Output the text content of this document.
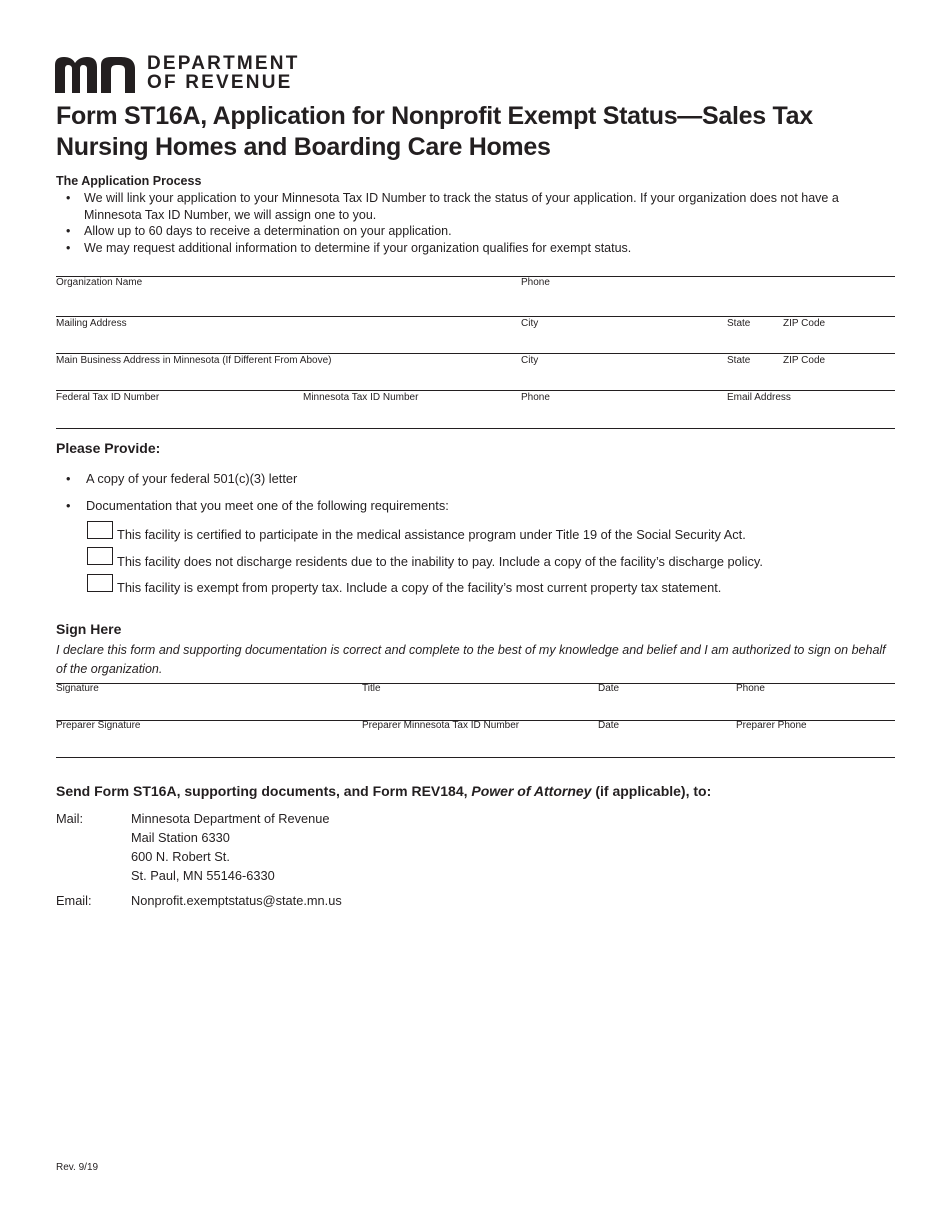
DEPARTMENT
OF REVENUE
Form ST16A, Application for Nonprofit Exempt Status—Sales Tax
Nursing Homes and Boarding Care Homes
The Application Process
• We will link your application to your Minnesota Tax ID Number to track the status of your application. If your organization does not have a Minnesota Tax ID Number, we will assign one to you.
• Allow up to 60 days to receive a determination on your application.
• We may request additional information to determine if your organization qualifies for exempt status.
Organization Name	Phone
Mailing Address	City	State	ZIP Code
Main Business Address in Minnesota (If Different From Above)	City	State	ZIP Code
Federal Tax ID Number	Minnesota Tax ID Number	Phone	Email Address
Please Provide:
• A copy of your federal 501(c)(3) letter
• Documentation that you meet one of the following requirements:
This facility is certified to participate in the medical assistance program under Title 19 of the Social Security Act.
This facility does not discharge residents due to the inability to pay. Include a copy of the facility’s discharge policy.
This facility is exempt from property tax. Include a copy of the facility’s most current property tax statement.
Sign Here
I declare this form and supporting documentation is correct and complete to the best of my knowledge and belief and I am authorized to sign on behalf of the organization.
Signature	Title	Date	Phone
Preparer Signature	Preparer Minnesota Tax ID Number	Date	Preparer Phone
Send Form ST16A, supporting documents, and Form REV184, Power of Attorney (if applicable), to:
Mail:	Minnesota Department of Revenue
Mail Station 6330
600 N. Robert St.
St. Paul, MN 55146-6330
Email:	Nonprofit.exemptstatus@state.mn.us
Rev. 9/19
